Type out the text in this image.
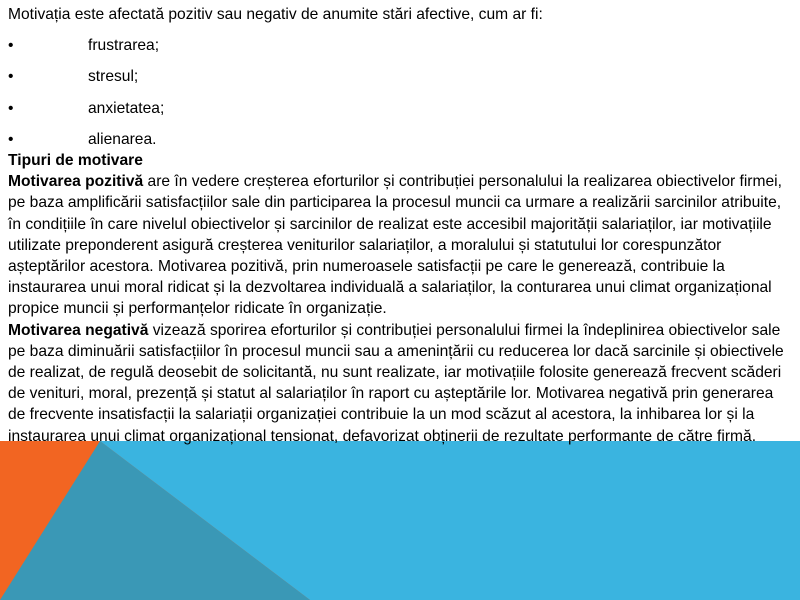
Motivația este afectată pozitiv sau negativ de anumite stări afective, cum ar fi:

•	frustrarea;
•	stresul;
•	anxietatea;
•	alienarea.

Tipuri de motivare

Motivarea pozitivă are în vedere creșterea eforturilor și contribuției personalului la realizarea obiectivelor firmei, pe baza amplificării satisfacțiilor sale din participarea la procesul muncii ca urmare a realizării sarcinilor atribuite, în condițiile în care nivelul obiectivelor și sarcinilor de realizat este accesibil majorității salariaților, iar motivațiile utilizate preponderent asigură creșterea veniturilor salariaților, a moralului și statutului lor corespunzător așteptărilor acestora. Motivarea pozitivă, prin numeroasele satisfacții pe care le generează, contribuie la instaurarea unui moral ridicat și la dezvoltarea individuală a salariaților, la conturarea unui climat organizațional propice muncii și performanțelor ridicate în organizație.

Motivarea negativă vizează sporirea eforturilor și contribuției personalului firmei la îndeplinirea obiectivelor sale pe baza diminuării satisfacțiilor în procesul muncii sau a amenințării cu reducerea lor dacă sarcinile și obiectivele de realizat, de regulă deosebit de solicitantă, nu sunt realizate, iar motivațiile folosite generează frecvent scăderi de venituri, moral, prezență și statut al salariaților în raport cu așteptările lor. Motivarea negativă prin generarea de frecvente insatisfacții la salariații organizației contribuie la un mod scăzut al acestora, la inhibarea lor și la instaurarea unui climat organizațional tensionat, defavorizat obținerii de rezultate performante de către firmă.
